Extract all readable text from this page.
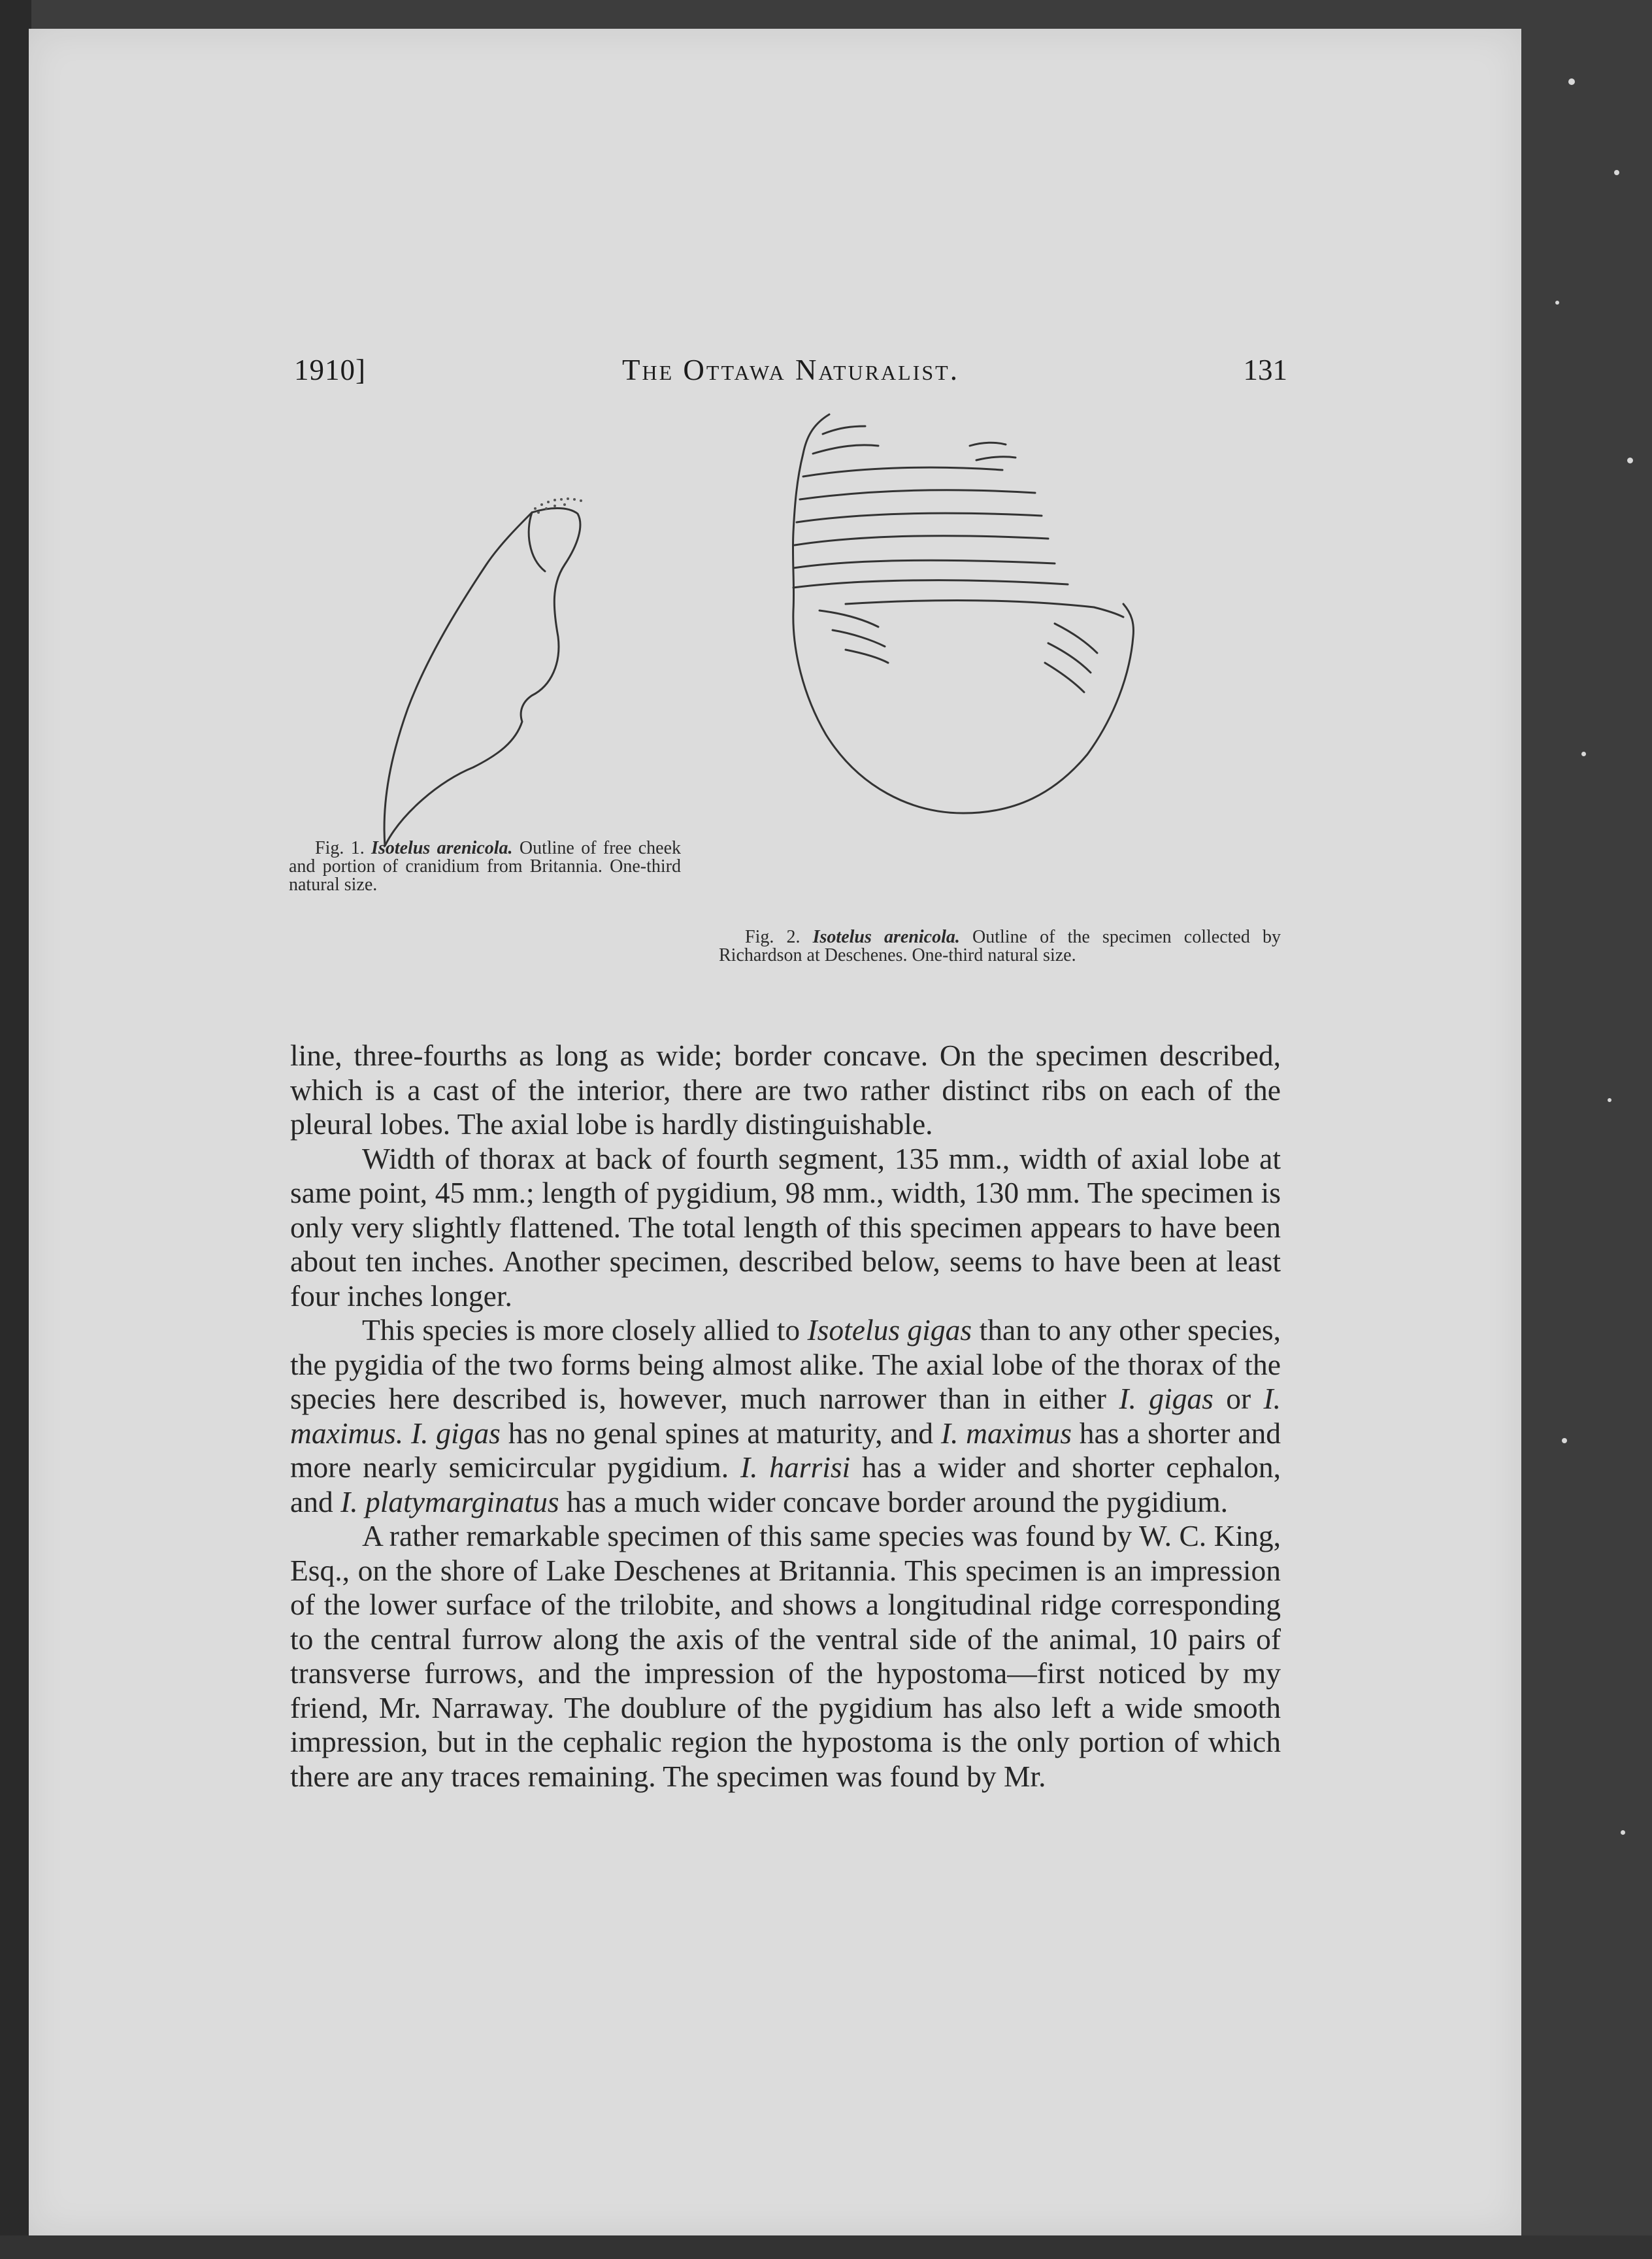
1910]	The Ottawa Naturalist.	131
Fig. 1. Isotelus arenicola. Outline of free cheek and portion of cranidium from Britannia. One-third natural size.
Fig. 2. Isotelus arenicola. Outline of the specimen collected by Richardson at Deschenes. One-third natural size.

line, three-fourths as long as wide; border concave. On the specimen described, which is a cast of the interior, there are two rather distinct ribs on each of the pleural lobes. The axial lobe is hardly distinguishable.

Width of thorax at back of fourth segment, 135 mm., width of axial lobe at same point, 45 mm.; length of pygidium, 98 mm., width, 130 mm. The specimen is only very slightly flattened. The total length of this specimen appears to have been about ten inches. Another specimen, described below, seems to have been at least four inches longer.

This species is more closely allied to Isotelus gigas than to any other species, the pygidia of the two forms being almost alike. The axial lobe of the thorax of the species here described is, however, much narrower than in either I. gigas or I. maximus. I. gigas has no genal spines at maturity, and I. maximus has a shorter and more nearly semicircular pygidium. I. harrisi has a wider and shorter cephalon, and I. platymarginatus has a much wider concave border around the pygidium.

A rather remarkable specimen of this same species was found by W. C. King, Esq., on the shore of Lake Deschenes at Britannia. This specimen is an impression of the lower surface of the trilobite, and shows a longitudinal ridge corresponding to the central furrow along the axis of the ventral side of the animal, 10 pairs of transverse furrows, and the impression of the hypostoma—first noticed by my friend, Mr. Narraway. The doublure of the pygidium has also left a wide smooth impression, but in the cephalic region the hypostoma is the only portion of which there are any traces remaining. The specimen was found by Mr.
